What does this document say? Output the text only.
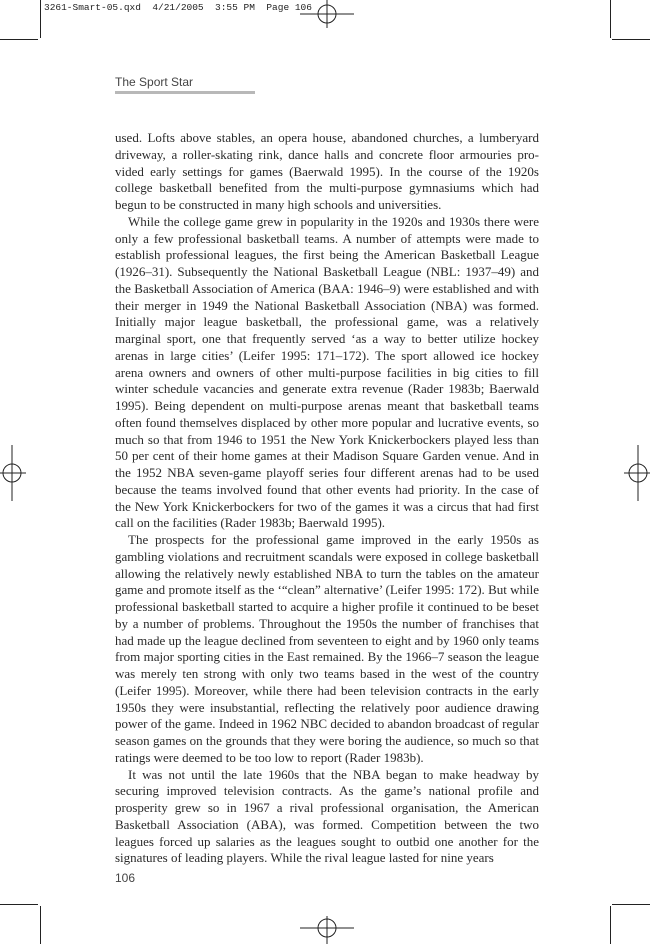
3261-Smart-05.qxd  4/21/2005  3:55 PM  Page 106
The Sport Star

used. Lofts above stables, an opera house, abandoned churches, a lumberyard driveway, a roller-skating rink, dance halls and concrete floor armouries provided early settings for games (Baerwald 1995). In the course of the 1920s college basketball benefited from the multi-purpose gymnasiums which had begun to be constructed in many high schools and universities.

While the college game grew in popularity in the 1920s and 1930s there were only a few professional basketball teams. A number of attempts were made to establish professional leagues, the first being the American Basketball League (1926–31). Subsequently the National Basketball League (NBL: 1937–49) and the Basketball Association of America (BAA: 1946–9) were established and with their merger in 1949 the National Basketball Association (NBA) was formed. Initially major league basketball, the professional game, was a relatively marginal sport, one that frequently served ‘as a way to better utilize hockey arenas in large cities’ (Leifer 1995: 171–172). The sport allowed ice hockey arena owners and owners of other multi-purpose facilities in big cities to fill winter schedule vacancies and generate extra revenue (Rader 1983b; Baerwald 1995). Being dependent on multi-purpose arenas meant that basketball teams often found themselves displaced by other more popular and lucrative events, so much so that from 1946 to 1951 the New York Knickerbockers played less than 50 per cent of their home games at their Madison Square Garden venue. And in the 1952 NBA seven-game playoff series four different arenas had to be used because the teams involved found that other events had priority. In the case of the New York Knickerbockers for two of the games it was a circus that had first call on the facilities (Rader 1983b; Baerwald 1995).

The prospects for the professional game improved in the early 1950s as gambling violations and recruitment scandals were exposed in college basketball allowing the relatively newly established NBA to turn the tables on the amateur game and promote itself as the ‘“clean” alternative’ (Leifer 1995: 172). But while professional basketball started to acquire a higher profile it continued to be beset by a number of problems. Throughout the 1950s the number of franchises that had made up the league declined from seventeen to eight and by 1960 only teams from major sporting cities in the East remained. By the 1966–7 season the league was merely ten strong with only two teams based in the west of the country (Leifer 1995). Moreover, while there had been television contracts in the early 1950s they were insubstantial, reflecting the relatively poor audience drawing power of the game. Indeed in 1962 NBC decided to abandon broadcast of regular season games on the grounds that they were boring the audience, so much so that ratings were deemed to be too low to report (Rader 1983b).

It was not until the late 1960s that the NBA began to make headway by securing improved television contracts. As the game’s national profile and prosperity grew so in 1967 a rival professional organisation, the American Basketball Association (ABA), was formed. Competition between the two leagues forced up salaries as the leagues sought to outbid one another for the signatures of leading players. While the rival league lasted for nine years

106
